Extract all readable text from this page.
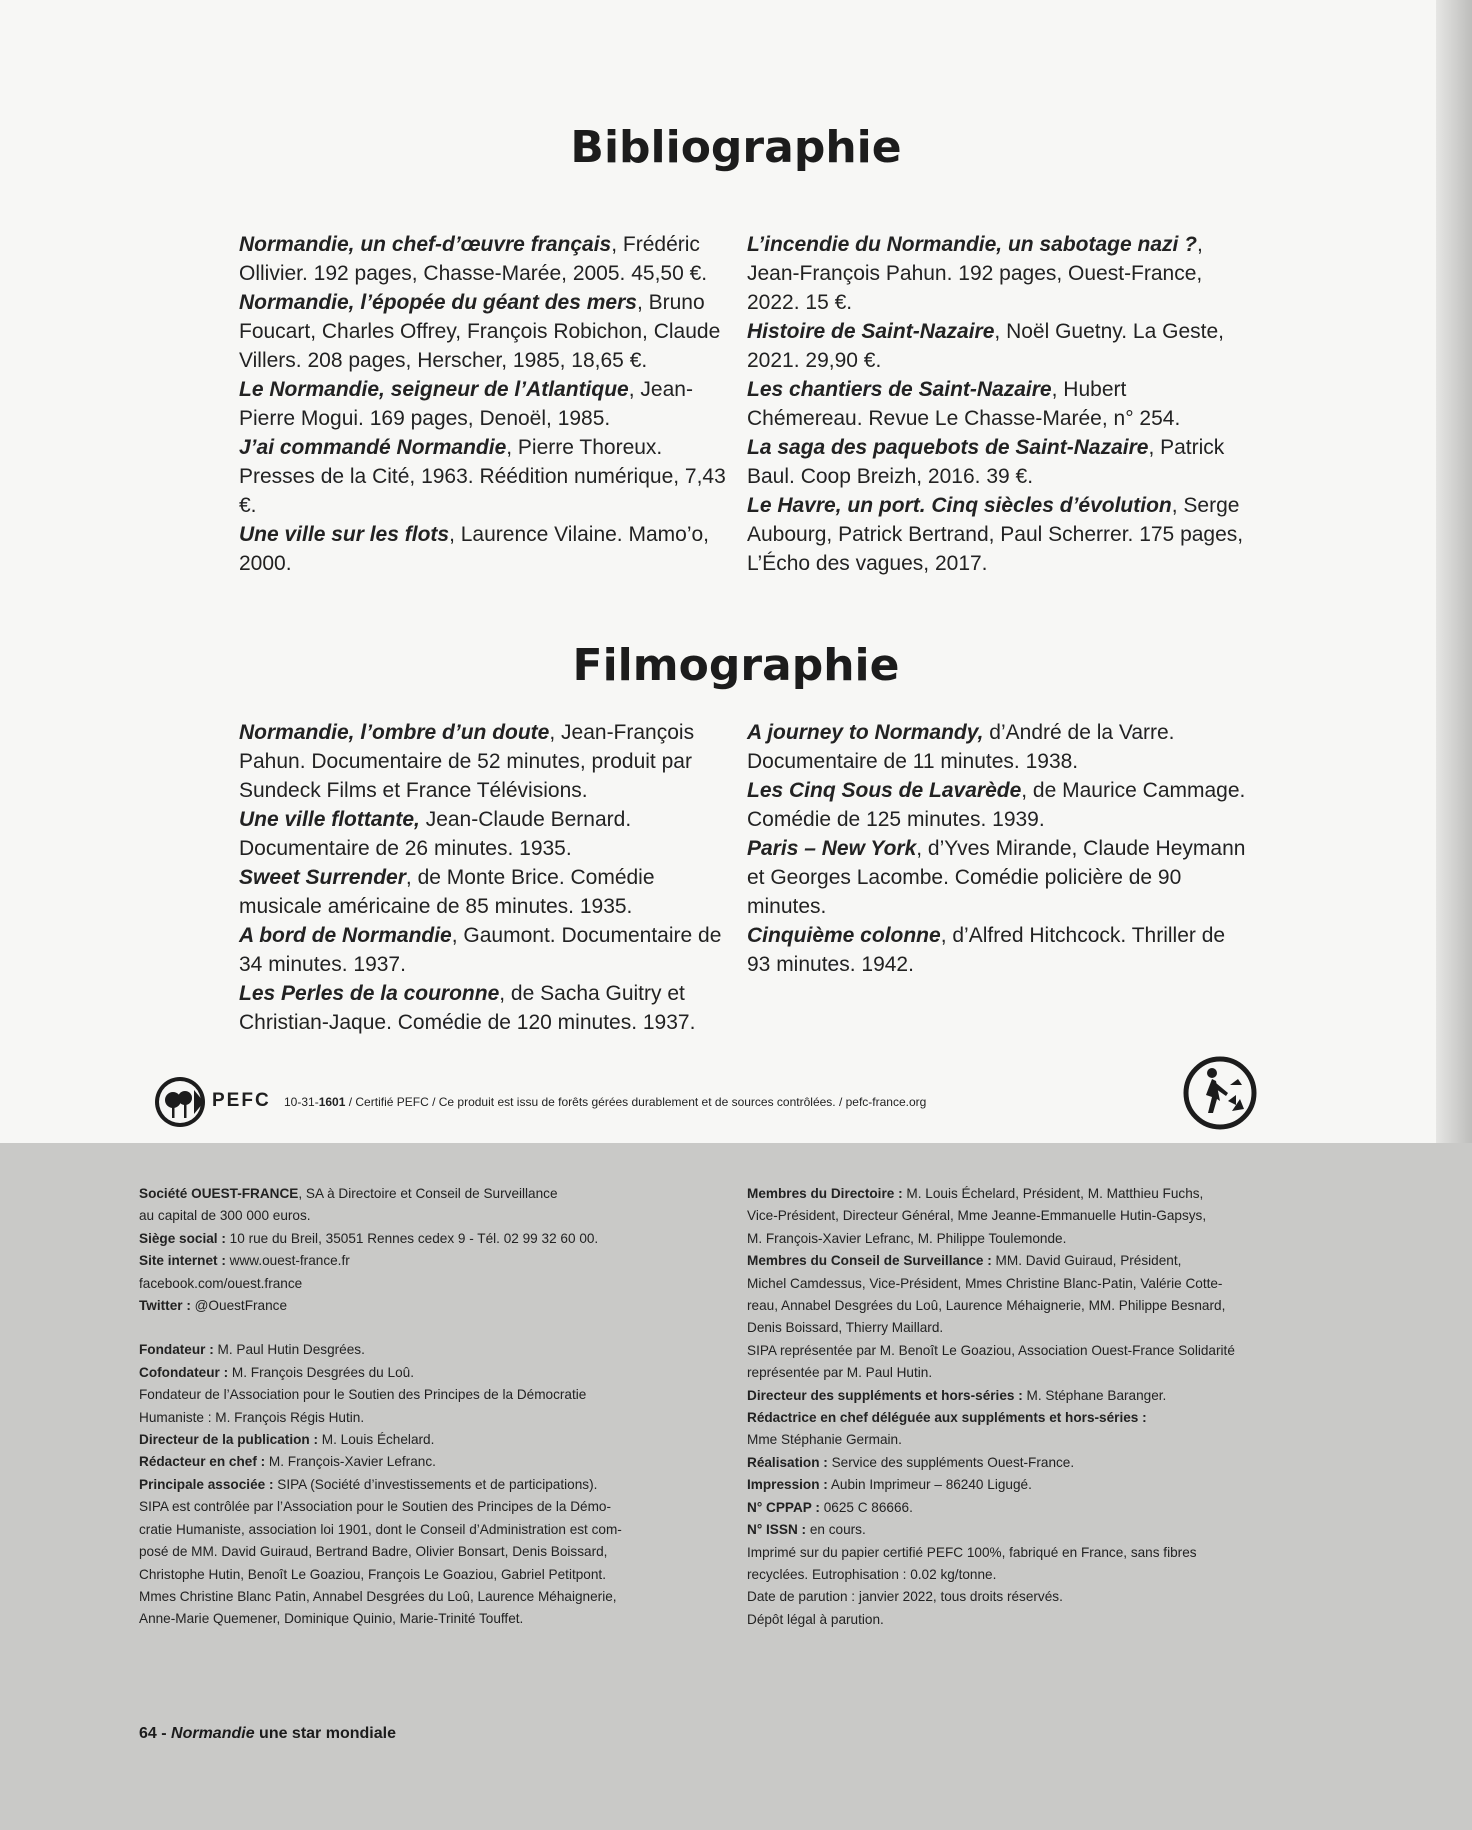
Bibliographie

Normandie, un chef-d’œuvre français, Frédéric Ollivier. 192 pages, Chasse-Marée, 2005. 45,50 €.

Normandie, l’épopée du géant des mers, Bruno Foucart, Charles Offrey, François Robichon, Claude Villers. 208 pages, Herscher, 1985, 18,65 €.

Le Normandie, seigneur de l’Atlantique, Jean-Pierre Mogui. 169 pages, Denoël, 1985.

J’ai commandé Normandie, Pierre Thoreux. Presses de la Cité, 1963. Réédition numérique, 7,43 €.

Une ville sur les flots, Laurence Vilaine. Mamo’o, 2000.

L’incendie du Normandie, un sabotage nazi ?, Jean-François Pahun. 192 pages, Ouest-France, 2022. 15 €.

Histoire de Saint-Nazaire, Noël Guetny. La Geste, 2021. 29,90 €.

Les chantiers de Saint-Nazaire, Hubert Chémereau. Revue Le Chasse-Marée, n° 254.

La saga des paquebots de Saint-Nazaire, Patrick Baul. Coop Breizh, 2016. 39 €.

Le Havre, un port. Cinq siècles d’évolution, Serge Aubourg, Patrick Bertrand, Paul Scherrer. 175 pages, L’Écho des vagues, 2017.

Filmographie

Normandie, l’ombre d’un doute, Jean-François Pahun. Documentaire de 52 minutes, produit par Sundeck Films et France Télévisions.

Une ville flottante, Jean-Claude Bernard. Documentaire de 26 minutes. 1935.

Sweet Surrender, de Monte Brice. Comédie musicale américaine de 85 minutes. 1935.

A bord de Normandie, Gaumont. Documentaire de 34 minutes. 1937.

Les Perles de la couronne, de Sacha Guitry et Christian-Jaque. Comédie de 120 minutes. 1937.

A journey to Normandy, d’André de la Varre. Documentaire de 11 minutes. 1938.

Les Cinq Sous de Lavarède, de Maurice Cammage. Comédie de 125 minutes. 1939.

Paris – New York, d’Yves Mirande, Claude Heymann et Georges Lacombe. Comédie policière de 90 minutes.

Cinquième colonne, d’Alfred Hitchcock. Thriller de 93 minutes. 1942.

PEFC 10-31-1601 / Certifié PEFC / Ce produit est issu de forêts gérées durablement et de sources contrôlées. / pefc-france.org
Société OUEST-FRANCE, SA à Directoire et Conseil de Surveillance
au capital de 300 000 euros.
Siège social : 10 rue du Breil, 35051 Rennes cedex 9 - Tél. 02 99 32 60 00.
Site internet : www.ouest-france.fr
facebook.com/ouest.france
Twitter : @OuestFrance
Fondateur : M. Paul Hutin Desgrées.
Cofondateur : M. François Desgrées du Loû.
Fondateur de l’Association pour le Soutien des Principes de la Démocratie
Humaniste : M. François Régis Hutin.
Directeur de la publication : M. Louis Échelard.
Rédacteur en chef : M. François-Xavier Lefranc.
Principale associée : SIPA (Société d’investissements et de participations).
SIPA est contrôlée par l’Association pour le Soutien des Principes de la Démo-
cratie Humaniste, association loi 1901, dont le Conseil d’Administration est com-
posé de MM. David Guiraud, Bertrand Badre, Olivier Bonsart, Denis Boissard,
Christophe Hutin, Benoît Le Goaziou, François Le Goaziou, Gabriel Petitpont.
Mmes Christine Blanc Patin, Annabel Desgrées du Loû, Laurence Méhaignerie,
Anne-Marie Quemener, Dominique Quinio, Marie-Trinité Touffet.
Membres du Directoire : M. Louis Échelard, Président, M. Matthieu Fuchs,
Vice-Président, Directeur Général, Mme Jeanne-Emmanuelle Hutin-Gapsys,
M. François-Xavier Lefranc, M. Philippe Toulemonde.
Membres du Conseil de Surveillance : MM. David Guiraud, Président,
Michel Camdessus, Vice-Président, Mmes Christine Blanc-Patin, Valérie Cotte-
reau, Annabel Desgrées du Loû, Laurence Méhaignerie, MM. Philippe Besnard,
Denis Boissard, Thierry Maillard.
SIPA représentée par M. Benoît Le Goaziou, Association Ouest-France Solidarité
représentée par M. Paul Hutin.
Directeur des suppléments et hors-séries : M. Stéphane Baranger.
Rédactrice en chef déléguée aux suppléments et hors-séries :
Mme Stéphanie Germain.
Réalisation : Service des suppléments Ouest-France.
Impression : Aubin Imprimeur – 86240 Ligugé.
N° CPPAP : 0625 C 86666.
N° ISSN : en cours.
Imprimé sur du papier certifié PEFC 100%, fabriqué en France, sans fibres
recyclées. Eutrophisation : 0.02 kg/tonne.
Date de parution : janvier 2022, tous droits réservés.
Dépôt légal à parution.
64 - Normandie une star mondiale
